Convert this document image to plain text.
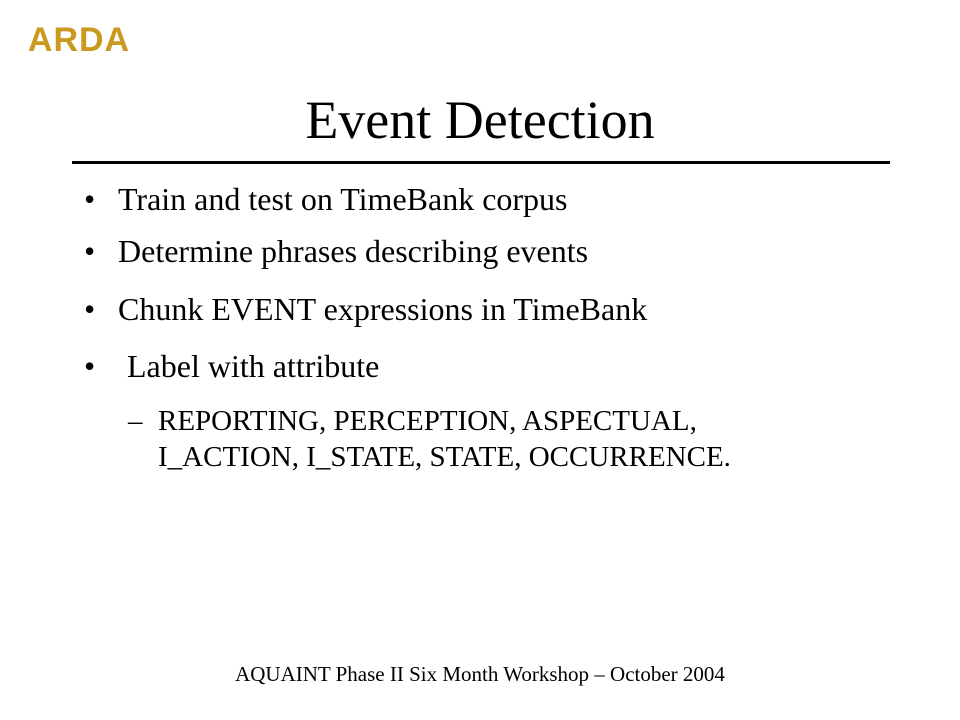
ARDA
Event Detection
• Train and test on TimeBank corpus
• Determine phrases describing events
• Chunk EVENT expressions in TimeBank
• Label with attribute
– REPORTING, PERCEPTION, ASPECTUAL,
I_ACTION, I_STATE, STATE, OCCURRENCE.
AQUAINT Phase II Six Month Workshop – October 2004
